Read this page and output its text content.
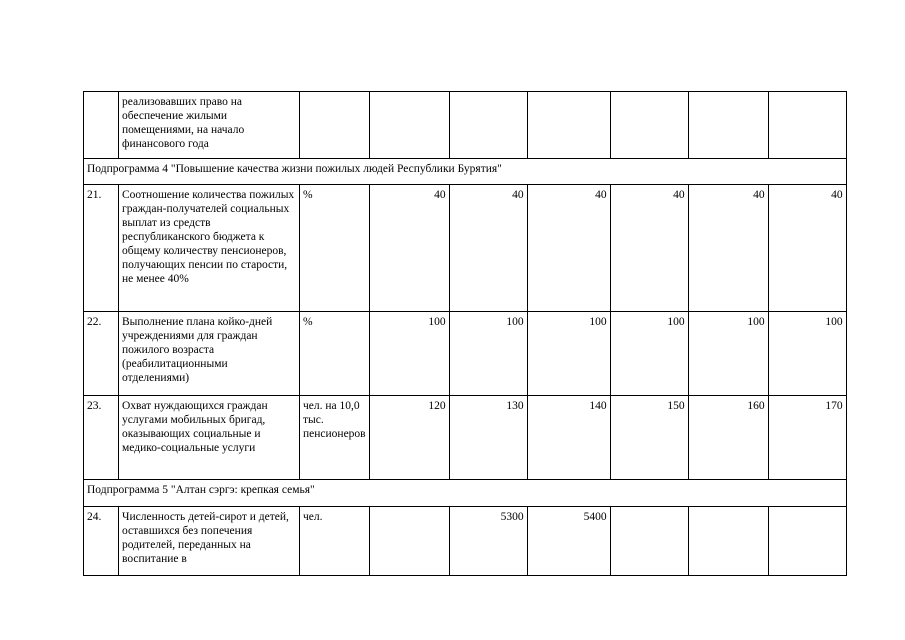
	реализовавших право на обеспечение жилыми помещениями, на начало финансового года							
Подпрограмма 4 "Повышение качества жизни пожилых людей Республики Бурятия"								
21.	Соотношение количества пожилых граждан-получателей социальных выплат из средств республиканского бюджета к общему количеству пенсионеров, получающих пенсии по старости, не менее 40%	%	40	40	40	40	40	40
22.	Выполнение плана койко-дней учреждениями для граждан пожилого возраста (реабилитационными отделениями)	%	100	100	100	100	100	100
23.	Охват нуждающихся граждан услугами мобильных бригад, оказывающих социальные и медико-социальные услуги	чел. на 10,0 тыс. пенсионеров	120	130	140	150	160	170
Подпрограмма 5 "Алтан сэргэ: крепкая семья"								
24.	Численность детей-сирот и детей, оставшихся без попечения родителей, переданных на воспитание в	чел.		5300	5400			
